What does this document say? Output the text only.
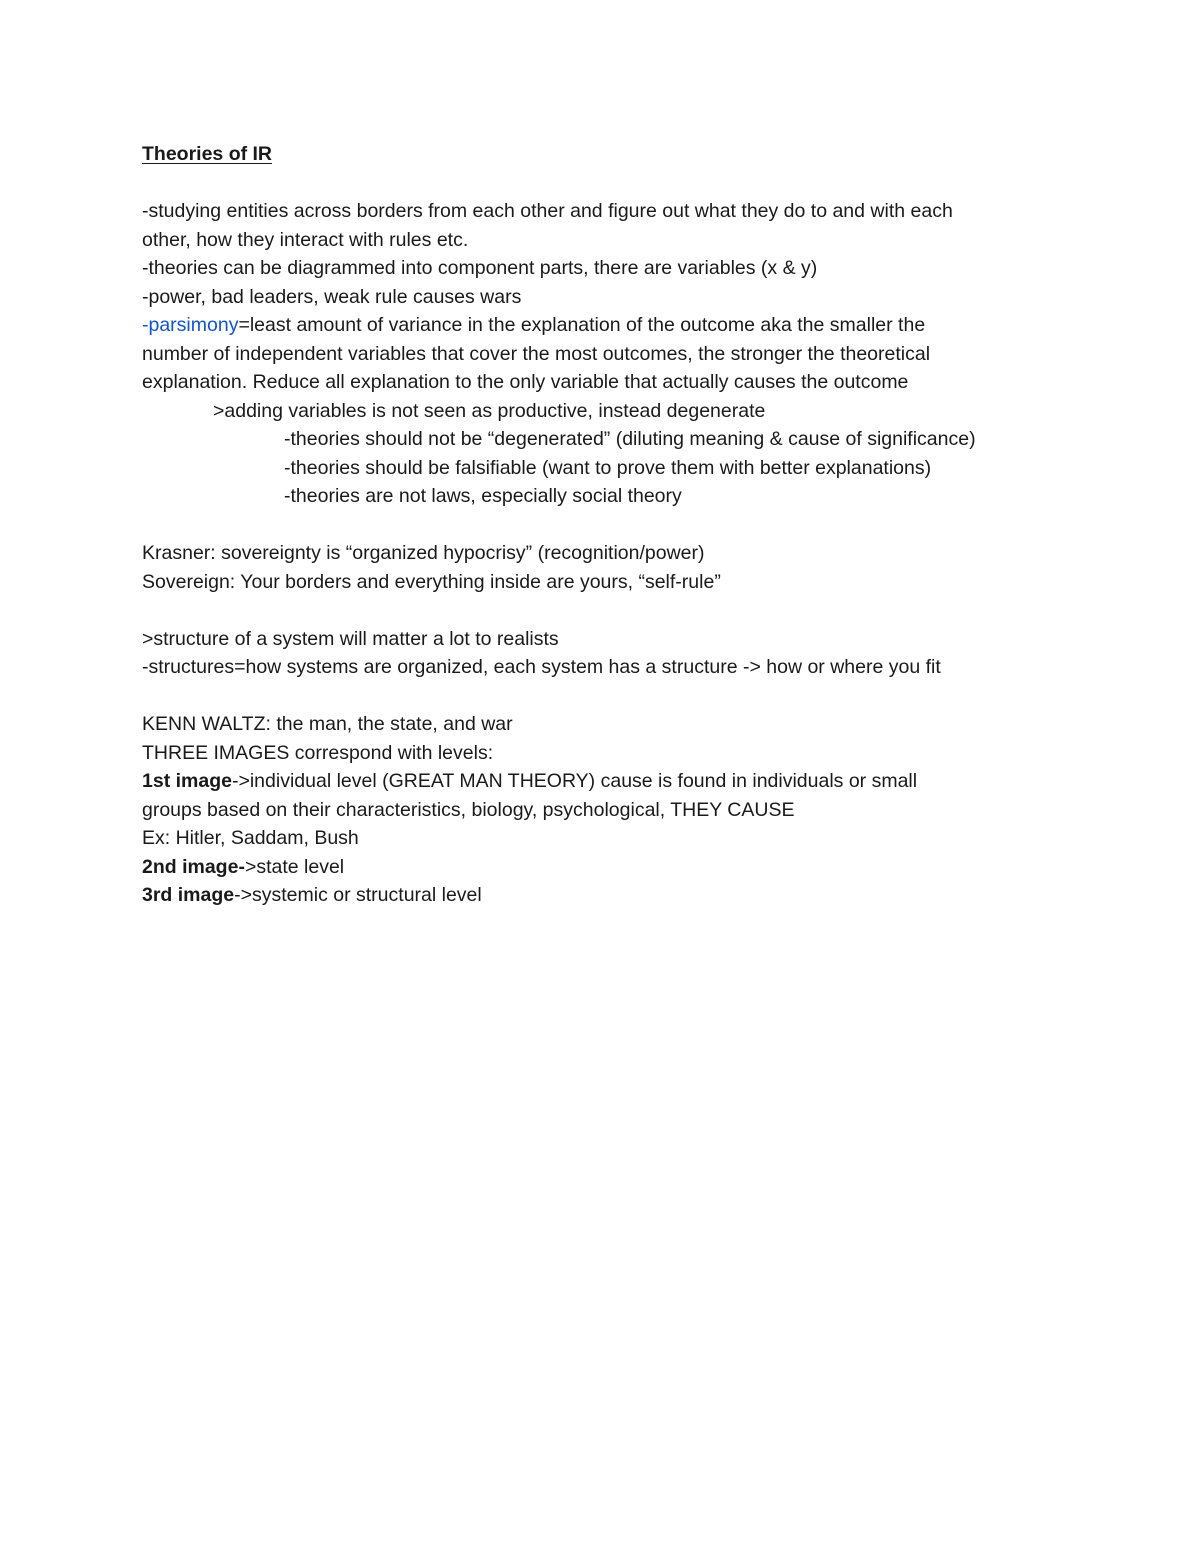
Theories of IR
-studying entities across borders from each other and figure out what they do to and with each
other, how they interact with rules etc.
-theories can be diagrammed into component parts, there are variables (x & y)
-power, bad leaders, weak rule causes wars
-parsimony=least amount of variance in the explanation of the outcome aka the smaller the
number of independent variables that cover the most outcomes, the stronger the theoretical
explanation. Reduce all explanation to the only variable that actually causes the outcome
>adding variables is not seen as productive, instead degenerate
-theories should not be “degenerated” (diluting meaning & cause of significance)
-theories should be falsifiable (want to prove them with better explanations)
-theories are not laws, especially social theory
Krasner: sovereignty is “organized hypocrisy” (recognition/power)
Sovereign: Your borders and everything inside are yours, “self-rule”
>structure of a system will matter a lot to realists
-structures=how systems are organized, each system has a structure -> how or where you fit
KENN WALTZ: the man, the state, and war
THREE IMAGES correspond with levels:
1st image->individual level (GREAT MAN THEORY) cause is found in individuals or small
groups based on their characteristics, biology, psychological, THEY CAUSE
Ex: Hitler, Saddam, Bush
2nd image->state level
3rd image->systemic or structural level
